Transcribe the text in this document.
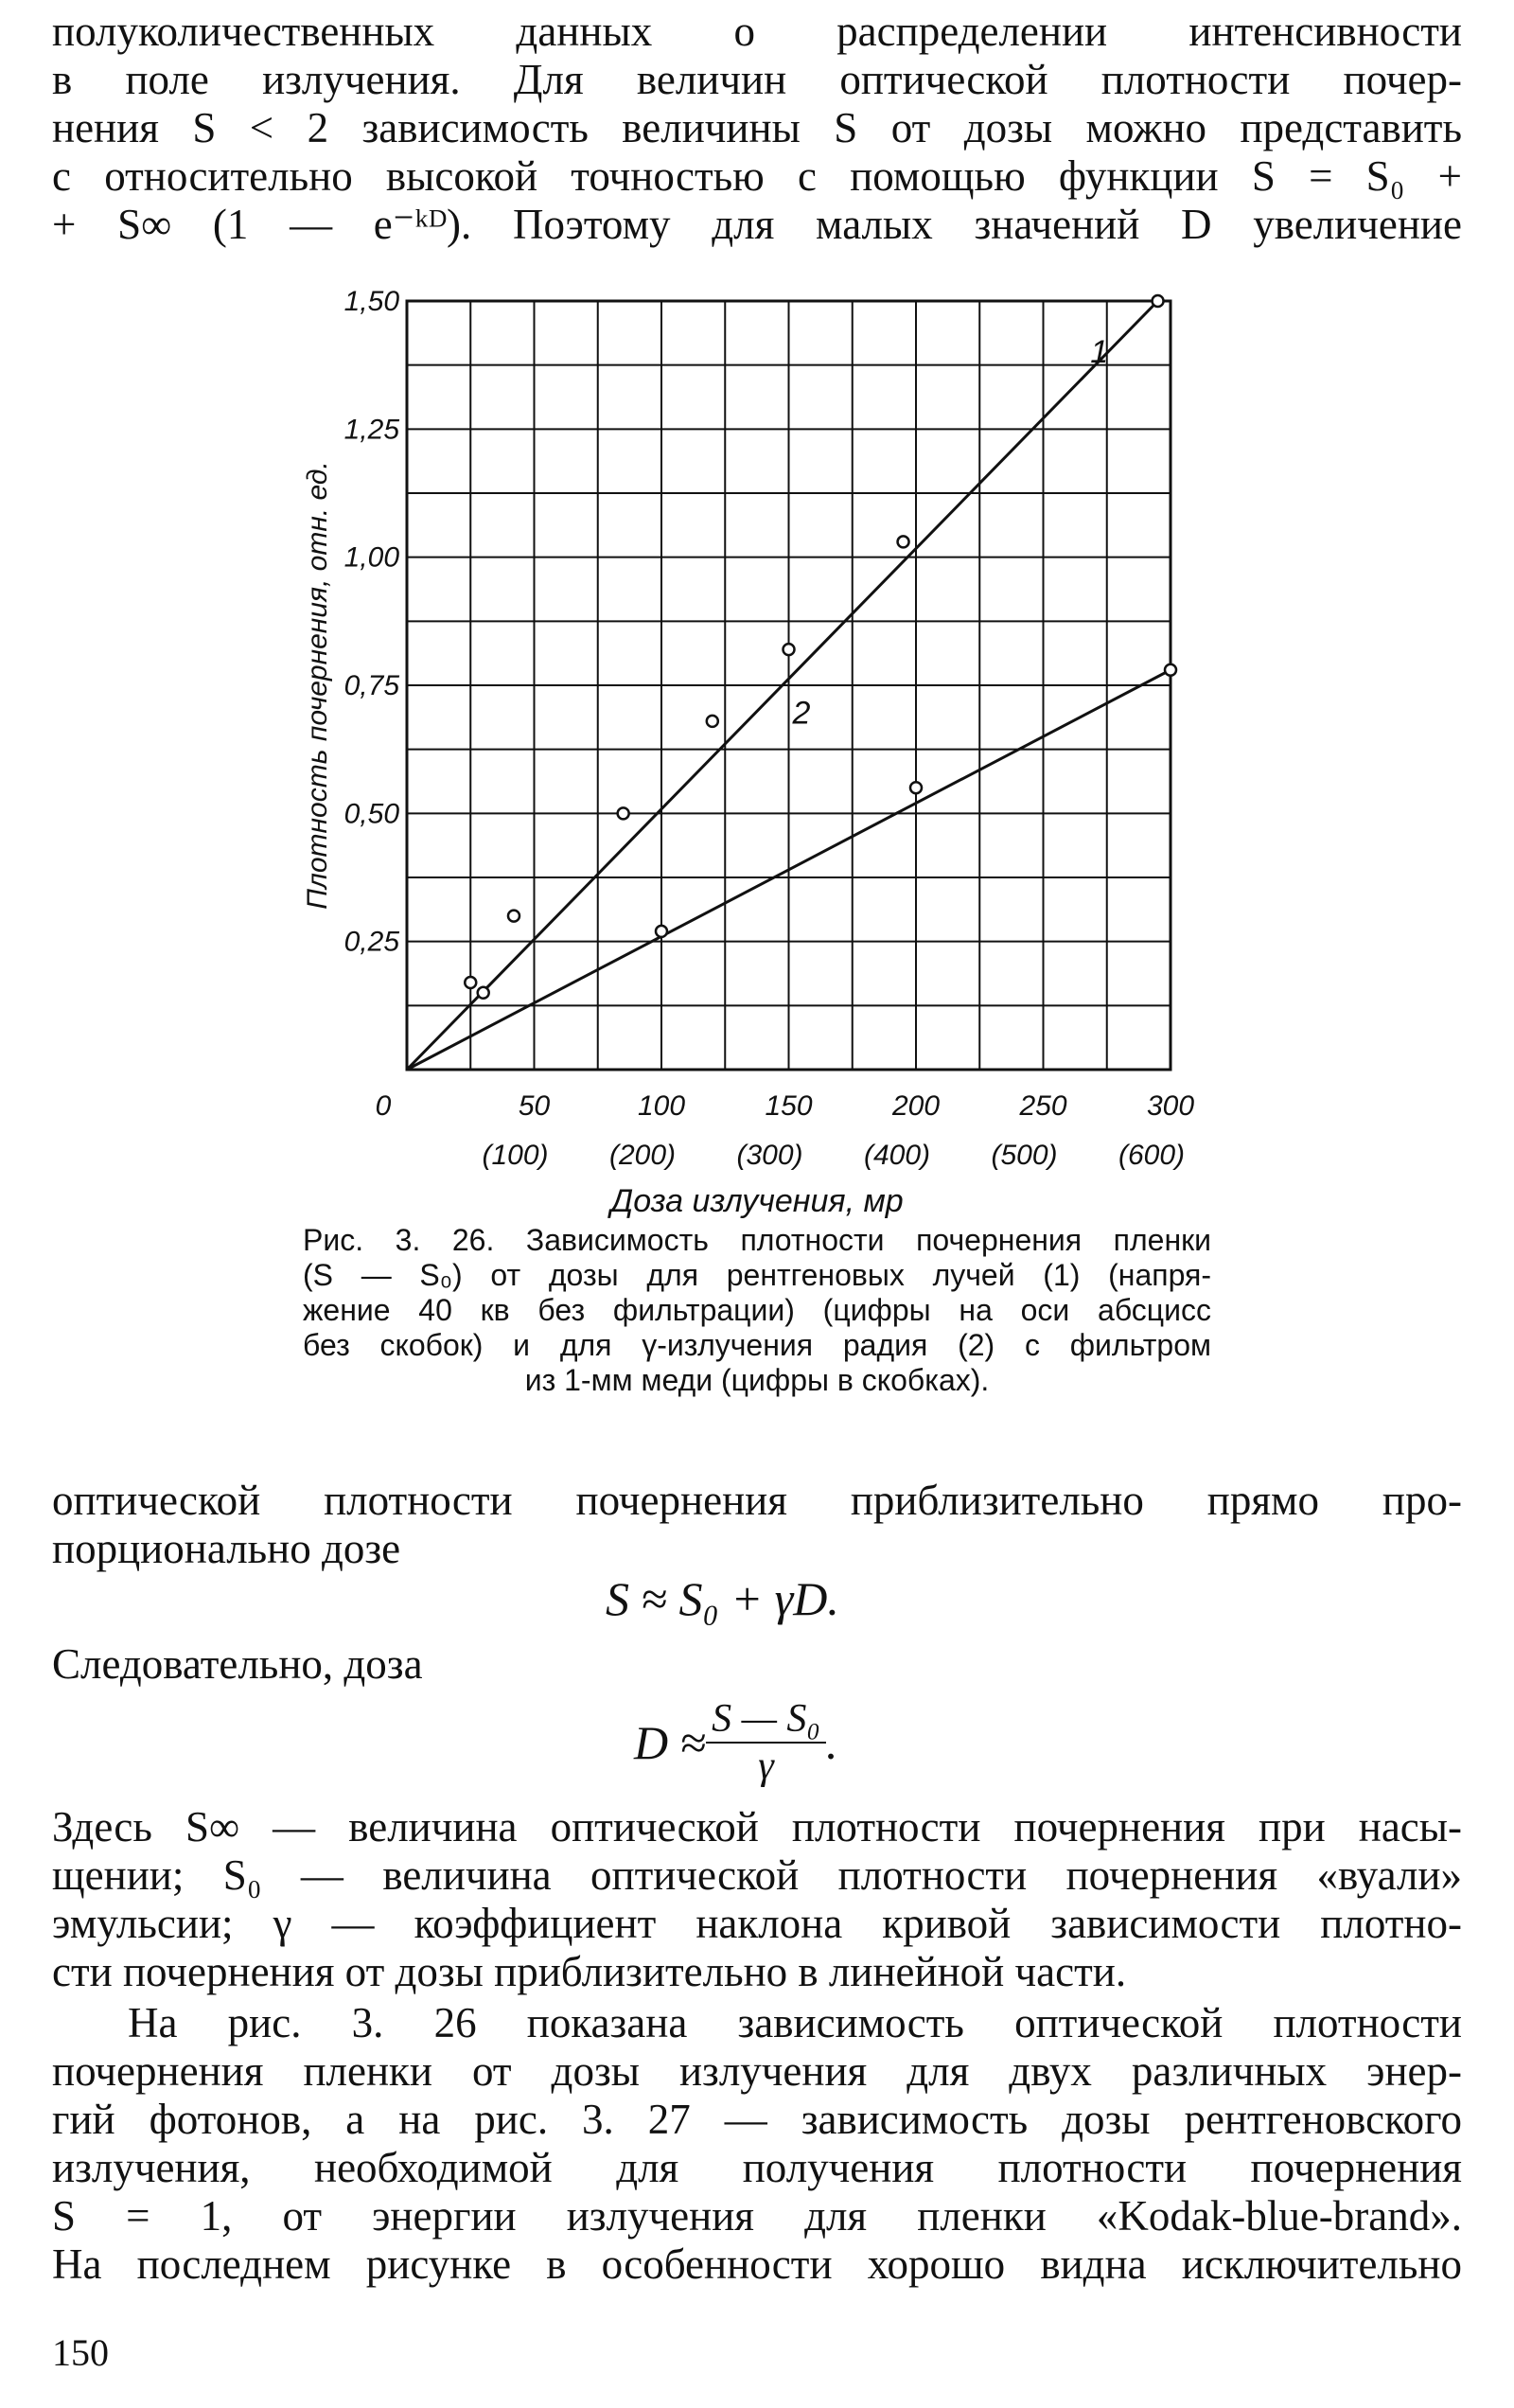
полуколичественных данных о распределении интенсивности
в поле излучения. Для величин оптической плотности почер-
нения S < 2 зависимость величины S от дозы можно представить
с относительно высокой точностью с помощью функции S = S₀ +
+ S∞ (1 — e⁻ᵏᴰ). Поэтому для малых значений D увеличение

0,25
0,50
0,75
1,00
1,25
1,50
0	50
(100)
100
(200)
150
(300)
200
(400)
250
(500)
300
(600)
1
2
Плотность почернения, отн. ед.
Доза излучения, мр
Рис. 3. 26. Зависимость плотности почернения пленки
(S — S₀) от дозы для рентгеновых лучей (1) (напря-
жение 40 кв без фильтрации) (цифры на оси абсцисс
без скобок) и для γ-излучения радия (2) с фильтром
из 1-мм меди (цифры в скобках).

оптической плотности почернения приблизительно прямо про-
порционально дозе

S ≈ S₀ + γD.

Следовательно, доза

$D \approx \frac{\text{S — S₀}}{\gamma}$ .

Здесь S∞ — величина оптической плотности почернения при насы-
щении; S₀ — величина оптической плотности почернения «вуали»
эмульсии; γ — коэффициент наклона кривой зависимости плотно-
сти почернения от дозы приблизительно в линейной части.

На рис. 3. 26 показана зависимость оптической плотности
почернения пленки от дозы излучения для двух различных энер-
гий фотонов, а на рис. 3. 27 — зависимость дозы рентгеновского
излучения, необходимой для получения плотности почернения
S = 1, от энергии излучения для пленки «Kodak-blue-brand».
На последнем рисунке в особенности хорошо видна исключительно

150
